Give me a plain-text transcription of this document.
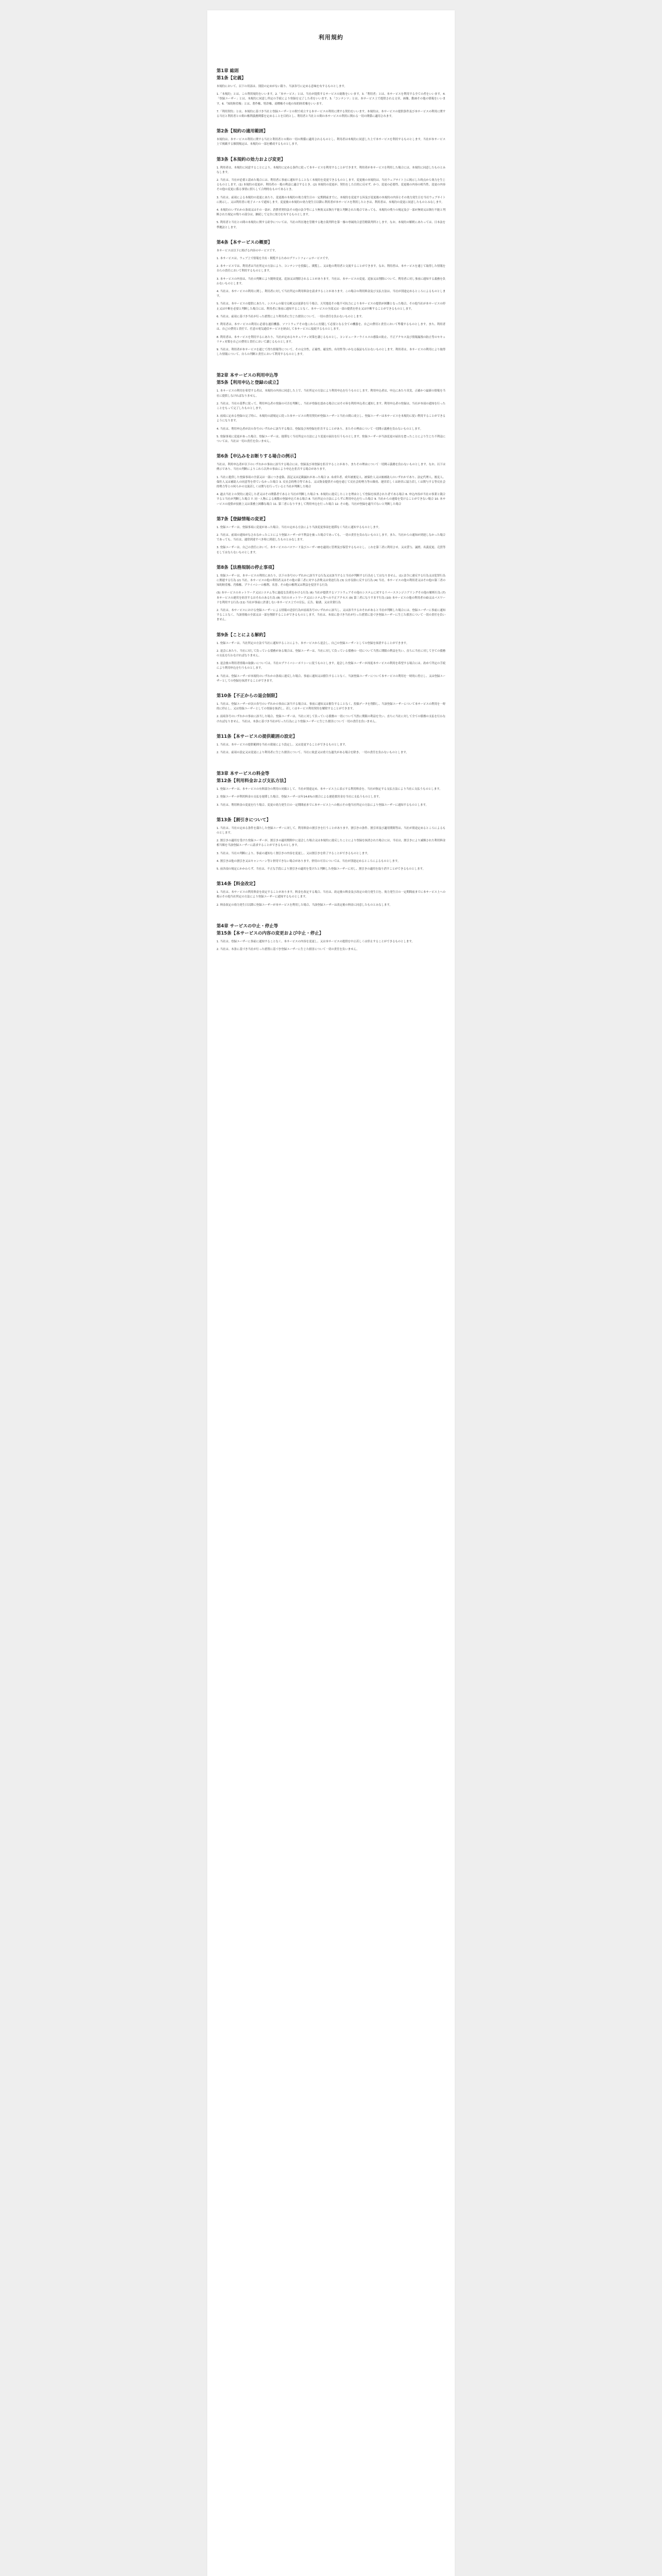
利用規約
第1章 総則
第1条【定義】

本規約において、以下の用語は、別段の定めがない限り、当該各号に定める意味を有するものとします。

1.「本規約」とは、この利用規約をいいます。2.「本サービス」とは、当社が提供するサービスの総称をいいます。3.「利用者」とは、本サービスを利用する全ての者をいいます。4.「登録ユーザー」とは、本規約に同意し所定の手続により登録を完了した者をいいます。5.「コンテンツ」とは、本サービス上で提供される文章、画像、動画その他の情報をいいます。6.「知的財産権」とは、著作権、特許権、商標権その他の知的財産権をいいます。

7.「利用契約」とは、本規約に基づき当社と登録ユーザーとの間で成立する本サービスの利用に関する契約をいいます。本規約は、本サービスの提供条件及び本サービスの利用に関する当社と利用者との間の権利義務関係を定めることを目的とし、利用者と当社との間の本サービスの利用に関わる一切の関係に適用されます。

第2条【規約の適用範囲】

本規約は、本サービスの利用に関する当社と利用者との間の一切の関係に適用されるものとし、利用者は本規約に同意した上で本サービスを利用するものとします。当社が本サービス上で掲載する個別規定は、本規約の一部を構成するものとします。

第3条【本規約の効力および変更】

1. 利用者は、本規約に同意することにより、本規約に定める条件に従って本サービスを利用することができます。利用者が本サービスを利用した場合には、本規約に同意したものとみなします。

2. 当社は、当社が必要と認めた場合には、利用者に事前に通知することなく本規約を変更できるものとします。変更後の本規約は、当社ウェブサイト上に掲示した時点から効力を生じるものとします。(1) 本規約の変更が、利用者の一般の利益に適合するとき。(2) 本規約の変更が、契約をした目的に反せず、かつ、変更の必要性、変更後の内容の相当性、変更の内容その他の変更に係る事情に照らして合理的なものであるとき。

3. 当社は、前項による本規約の変更にあたり、変更後の本規約の効力発生日の一定期間前までに、本規約を変更する旨及び変更後の本規約の内容とその効力発生日を当社ウェブサイトに掲示し、又は利用者に電子メールで通知します。変更後の本規約の効力発生日以降に利用者が本サービスを利用したときは、利用者は、本規約の変更に同意したものとみなします。

4. 本規約のいずれかの条項又はその一部が、消費者契約法その他の法令等により無効又は執行不能と判断された場合であっても、本規約の残りの規定及び一部が無効又は執行不能と判断された規定の残りの部分は、継続して完全に効力を有するものとします。

5. 利用者と当社との間の本規約に関する紛争については、当社の所在地を管轄する地方裁判所を第一審の専属的合意管轄裁判所とします。なお、本規約の解釈にあたっては、日本法を準拠法とします。

第4条【本サービスの概要】

本サービスは以下に掲げる内容のサービスです。

1. 本サービスは、ウェブ上で情報を共有・閲覧するためのプラットフォームサービスです。

2. 本サービスでは、利用者は当社所定の方法により、コンテンツを投稿し、閲覧し、又は他の利用者と交流することができます。なお、利用者は、本サービスを通じて取得した情報を自らの責任において利用するものとします。

3. 本サービスの内容は、当社の判断により随時変更、追加又は削除されることがあります。当社は、本サービスの変更、追加又は削除について、利用者に対し事前に通知する義務を負わないものとします。

4. 当社は、本サービスの利用に関し、利用者に対して当社所定の利用料金を請求することがあります。この場合の利用料金及び支払方法は、当社が別途定めるところによるものとします。

5. 当社は、本サービスの提供にあたり、システムの保守点検又は更新を行う場合、天災地変その他不可抗力により本サービスの提供が困難となった場合、その他当社が本サービスの停止又は中断を必要と判断した場合には、利用者に事前に通知することなく、本サービスの全部又は一部の提供を停止又は中断することができるものとします。

6. 当社は、前項に基づき当社が行った措置により利用者に生じた損害について、一切の責任を負わないものとします。

7. 利用者は、本サービスの利用に必要な通信機器、ソフトウェアその他これらに付随して必要となる全ての機器を、自己の費用と責任において準備するものとします。また、利用者は、自己の費用と責任で、任意の電気通信サービスを経由して本サービスに接続するものとします。

8. 利用者は、本サービスを利用するにあたり、当社が定めるセキュリティ対策を講じるものとし、コンピューターウイルスの感染の防止、不正アクセス及び情報漏洩の防止等のセキュリティ対策を自己の費用と責任において講じるものとします。

9. 当社は、利用者が本サービスを通じて得た情報等について、その完全性、正確性、確実性、有用性等いかなる保証も行わないものとします。利用者は、本サービスの利用により取得した情報について、自らの判断と責任において利用するものとします。

第2章 本サービスの利用申込等
第5条【利用申込と登録の成立】

1. 本サービスの利用を希望する者は、本規約の内容に同意した上で、当社所定の方法により利用申込を行うものとします。利用申込者は、申込にあたり真実、正確かつ最新の情報を当社に提供しなければなりません。

2. 当社は、当社の基準に従って、利用申込者の登録の可否を判断し、当社が登録を認める場合にはその旨を利用申込者に通知します。利用申込者の登録は、当社が本項の通知を行ったことをもって完了したものとします。

3. 前項に定める登録の完了時に、本規約の諸規定に従った本サービスの利用契約が登録ユーザーと当社の間に成立し、登録ユーザーは本サービスを本規約に従い利用することができるようになります。

4. 当社は、利用申込者が次の各号のいずれかに該当する場合、登録及び再登録を拒否することがあり、またその理由について一切開示義務を負わないものとします。

5. 登録事項に変更があった場合、登録ユーザーは、遅滞なく当社所定の方法により変更の届出を行うものとします。登録ユーザーが当該変更の届出を怠ったことにより生じた不利益については、当社は一切の責任を負いません。

第6条【申込みをお断りする場合の例示】

当社は、利用申込者が以下のいずれかの事由に該当する場合には、登録及び再登録を拒否することがあり、またその理由について一切開示義務を負わないものとします。なお、以下は例示であり、当社の判断によりこれら以外の事由により申込を拒否する場合があります。

1. 当社に提供した登録事項の全部又は一部につき虚偽、誤記又は記載漏れがあった場合 2. 未成年者、成年被後見人、被保佐人又は被補助人のいずれかであり、法定代理人、後見人、保佐人又は補助人の同意等を得ていなかった場合 3. 反社会的勢力等である、又は資金提供その他を通じて反社会的勢力等の維持、運営若しくは経営に協力若しくは関与する等反社会的勢力等との何らかの交流若しくは関与を行っていると当社が判断した場合

4. 過去当社との契約に違反した者又はその関係者であると当社が判断した場合 5. 本規約に違反したことを理由として登録を抹消された者である場合 6. 申込内容が当社の事業と競合すると当社が判断した場合 7. 同一人物による複数の登録申込である場合 8. 当社所定の方法によらずに利用申込を行った場合 9. 当社からの連絡を受けることができない場合 10. 本サービスの提供が技術上又は業務上困難な場合 11. 第三者になりすまして利用申込を行った場合 12. その他、当社が登録を適当でないと判断した場合

第7条【登録情報の変更】

1. 登録ユーザーは、登録事項に変更があった場合、当社の定める方法により当該変更事項を遅滞なく当社に通知するものとします。

2. 当社は、前項の通知がなされなかったことにより登録ユーザーが不利益を被った場合であっても、一切の責任を負わないものとします。また、当社からの通知が到達しなかった場合であっても、当社は、通常到達すべき時に到達したものとみなします。

3. 登録ユーザーは、自己の責任において、本サービスのパスワード及びユーザーIDを適切に管理及び保管するものとし、これを第三者に利用させ、又は貸与、譲渡、名義変更、売買等をしてはならないものとします。

第8条【法務規制の停止事項】

1. 登録ユーザーは、本サービスの利用にあたり、以下の各号のいずれかに該当する行為又は該当すると当社が判断する行為をしてはなりません。(1) 法令に違反する行為又は犯罪行為に関連する行為 (2) 当社、本サービスの他の利用者又はその他の第三者に対する詐欺又は脅迫行為 (3) 公序良俗に反する行為 (4) 当社、本サービスの他の利用者又はその他の第三者の知的財産権、肖像権、プライバシーの権利、名誉、その他の権利又は利益を侵害する行為

(5) 本サービスのネットワーク又はシステム等に過度な負荷をかける行為 (6) 当社が提供するソフトウェアその他のシステムに対するリバースエンジニアリングその他の解析行為 (7) 本サービスの運営を妨害するおそれのある行為 (8) 当社のネットワーク又はシステム等への不正アクセス (9) 第三者になりすます行為 (10) 本サービスの他の利用者のID又はパスワードを利用する行為 (11) 当社が事前に許諾しない本サービス上での宣伝、広告、勧誘、又は営業行為

2. 当社は、本サービスにおける登録ユーザーによる情報の送信行為が前項各号のいずれかに該当し、又は該当するおそれがあると当社が判断した場合には、登録ユーザーに事前に通知することなく、当該情報の全部又は一部を削除することができるものとします。当社は、本項に基づき当社が行った措置に基づき登録ユーザーに生じた損害について一切の責任を負いません。

第9条【ことによる解約】

1. 登録ユーザーは、当社所定の方法で当社に通知することにより、本サービスから退会し、自己の登録ユーザーとしての登録を抹消することができます。

2. 退会にあたり、当社に対して負っている債務がある場合は、登録ユーザーは、当社に対して負っている債務の一切について当然に期限の利益を失い、直ちに当社に対して全ての債務の支払を行わなければなりません。

3. 退会後の利用者情報の取扱いについては、当社のプライバシーポリシーに従うものとします。退会した登録ユーザーが再度本サービスの利用を希望する場合には、改めて所定の手続により利用申込を行うものとします。

4. 当社は、登録ユーザーが本規約のいずれかの条項に違反した場合、事前に通知又は催告することなく、当該登録ユーザーについて本サービスの利用を一時的に停止し、又は登録ユーザーとしての登録を抹消することができます。

第10条【不正からの退会制限】

1. 当社は、登録ユーザーが次の各号のいずれかの事由に該当する場合は、事前に通知又は催告することなく、投稿データを削除し、当該登録ユーザーについて本サービスの利用を一時的に停止し、又は登録ユーザーとしての登録を抹消し、若しくはサービス利用契約を解除することができます。

2. 前項各号のいずれかの事由に該当した場合、登録ユーザーは、当社に対して負っている債務の一切について当然に期限の利益を失い、直ちに当社に対して全ての債務の支払を行わなければなりません。当社は、本条に基づき当社が行った行為により登録ユーザーに生じた損害について一切の責任を負いません。

第11条【本サービスの提供範囲の設定】

1. 当社は、本サービスの提供範囲を当社の裁量により設定し、又は変更することができるものとします。

2. 当社は、前項の設定又は変更により利用者に生じた損害について、当社に故意又は重大な過失がある場合を除き、一切の責任を負わないものとします。

第3章 本サービスの料金等
第12条【利用料金および支払方法】

1. 登録ユーザーは、本サービスの有料部分の利用の対価として、当社が別途定め、本サービス上に表示する利用料金を、当社が指定する支払方法により当社に支払うものとします。

2. 登録ユーザーが利用料金の支払を遅滞した場合、登録ユーザーは年14.6%の割合による遅延損害金を当社に支払うものとします。

3. 当社は、利用料金の変更を行う場合、変更の効力発生日の一定期間前までに本サービス上への掲示その他当社所定の方法により登録ユーザーに通知するものとします。

第13条【割引きについて】

1. 当社は、当社の定める条件を満たした登録ユーザーに対して、利用料金の割引きを行うことがあります。割引きの条件、割引率及び適用期間等は、当社が別途定めるところによるものとします。

2. 割引きの適用を受けた登録ユーザーが、割引きの適用期間中に退会した場合又は本規約に違反したことにより登録を抹消された場合には、当社は、割引きにより減額された利用料金相当額を当該登録ユーザーに請求することができるものとします。

3. 当社は、当社の判断により、事前の通知なく割引きの内容を変更し、又は割引きを終了することができるものとします。

4. 割引きは他の割引き又はキャンペーン等と併用できない場合があります。併用の可否については、当社が別途定めるところによるものとします。

5. 前各項の規定にかかわらず、当社は、不正な手段により割引きの適用を受けたと判断した登録ユーザーに対し、割引きの適用を取り消すことができるものとします。

第14条【料金改定】

1. 当社は、本サービスの利用料金を改定することがあります。料金を改定する場合、当社は、改定後の料金及び改定の効力発生日を、効力発生日の一定期間前までに本サービス上への掲示その他当社所定の方法により登録ユーザーに通知するものとします。

2. 料金改定の効力発生日以降に登録ユーザーが本サービスを利用した場合、当該登録ユーザーは改定後の料金に同意したものとみなします。

第4章 サービスの中止・停止等
第15条【本サービスの内容の変更および中止・停止】

1. 当社は、登録ユーザーに事前に通知することなく、本サービスの内容を変更し、又は本サービスの提供を中止若しくは停止することができるものとします。

2. 当社は、本条に基づき当社が行った措置に基づき登録ユーザーに生じた損害について一切の責任を負いません。
